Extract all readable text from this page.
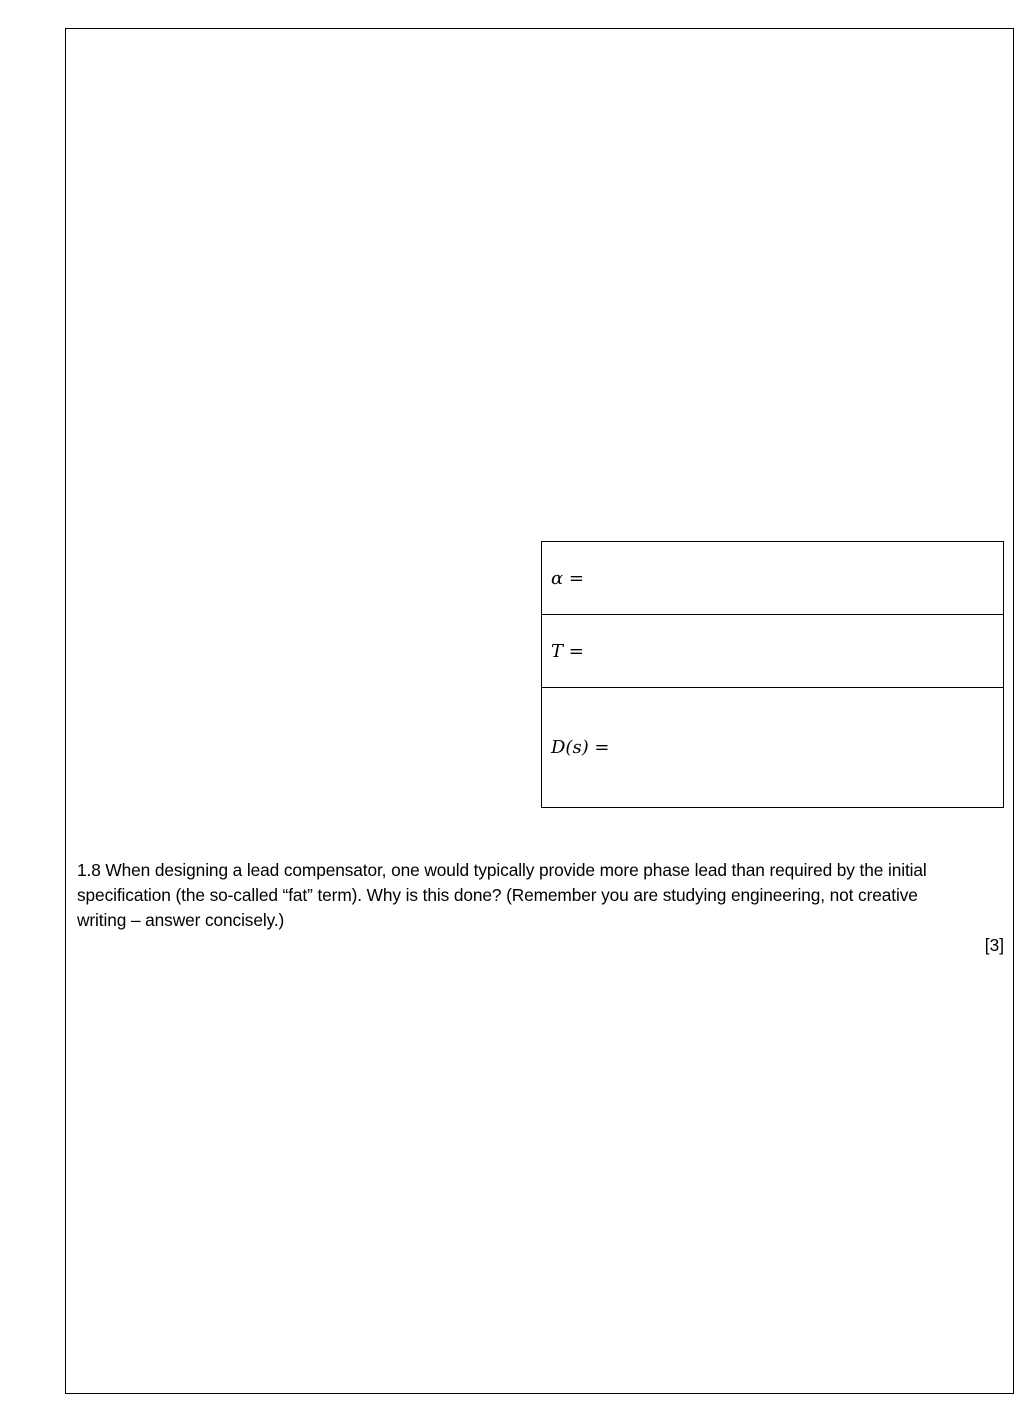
α =
T =
D(s) =
1.8 When designing a lead compensator, one would typically provide more phase lead than required by the initial
specification (the so-called “fat” term). Why is this done? (Remember you are studying engineering, not creative
writing – answer concisely.)
[3]
